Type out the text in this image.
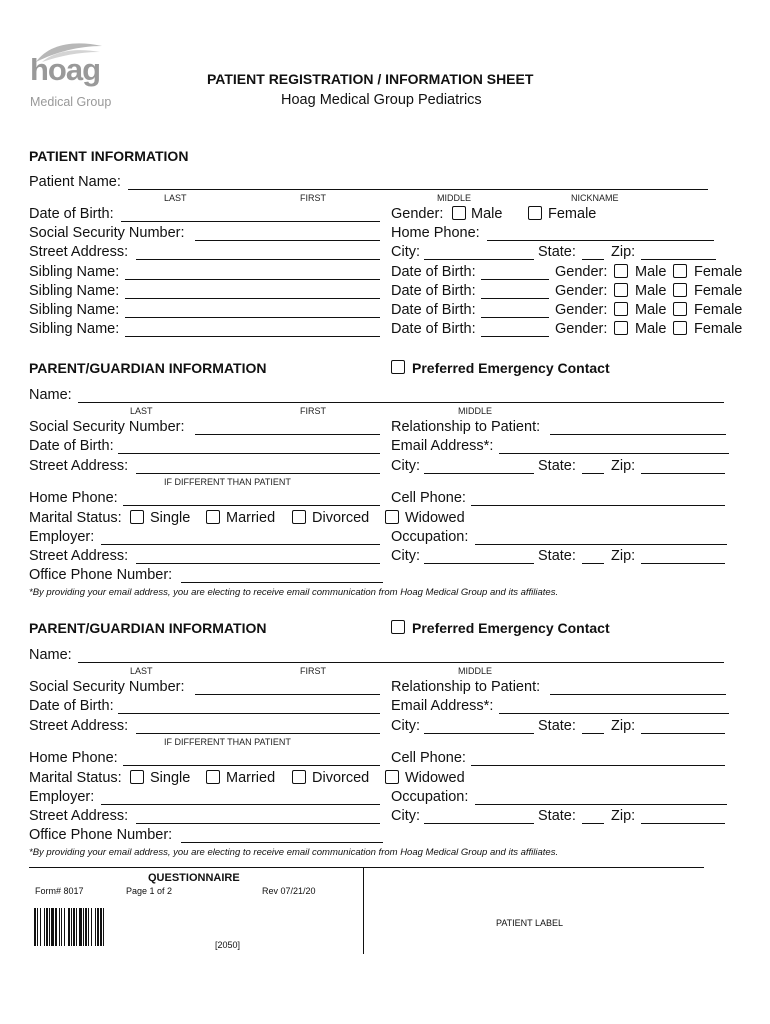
hoag
Medical Group
PATIENT REGISTRATION / INFORMATION SHEET
Hoag Medical Group Pediatrics
PATIENT INFORMATION
Patient Name:
LAST	FIRST	MIDDLE	NICKNAME
Date of Birth:	Gender: Male	Female
Social Security Number:	Home Phone:
Street Address:	City:	State: Zip:
Sibling Name:	Date of Birth:	Gender: Male Female
Sibling Name:	Date of Birth:	Gender: Male Female
Sibling Name:	Date of Birth:	Gender: Male Female
Sibling Name:	Date of Birth:	Gender: Male Female
PARENT/GUARDIAN INFORMATION	Preferred Emergency Contact
Name:
LAST	FIRST	MIDDLE
Social Security Number:	Relationship to Patient:
Date of Birth:	Email Address*:
Street Address:	City:	State: Zip:
IF DIFFERENT THAN PATIENT
Home Phone:	Cell Phone:
Marital Status: Single Married	Divorced Widowed
Employer:	Occupation:
Street Address:	City:	State: Zip:
Office Phone Number:
*By providing your email address, you are electing to receive email communication from Hoag Medical Group and its affiliates.
PARENT/GUARDIAN INFORMATION	Preferred Emergency Contact
Name:
LAST	FIRST	MIDDLE
Social Security Number:	Relationship to Patient:
Date of Birth:	Email Address*:
Street Address:	City:	State: Zip:
IF DIFFERENT THAN PATIENT
Home Phone:	Cell Phone:
Marital Status: Single Married	Divorced Widowed
Employer:	Occupation:
Street Address:	City:	State: Zip:
Office Phone Number:
*By providing your email address, you are electing to receive email communication from Hoag Medical Group and its affiliates.
QUESTIONNAIRE
Form# 8017	Page 1 of 2	Rev 07/21/20
[2050]
PATIENT LABEL
